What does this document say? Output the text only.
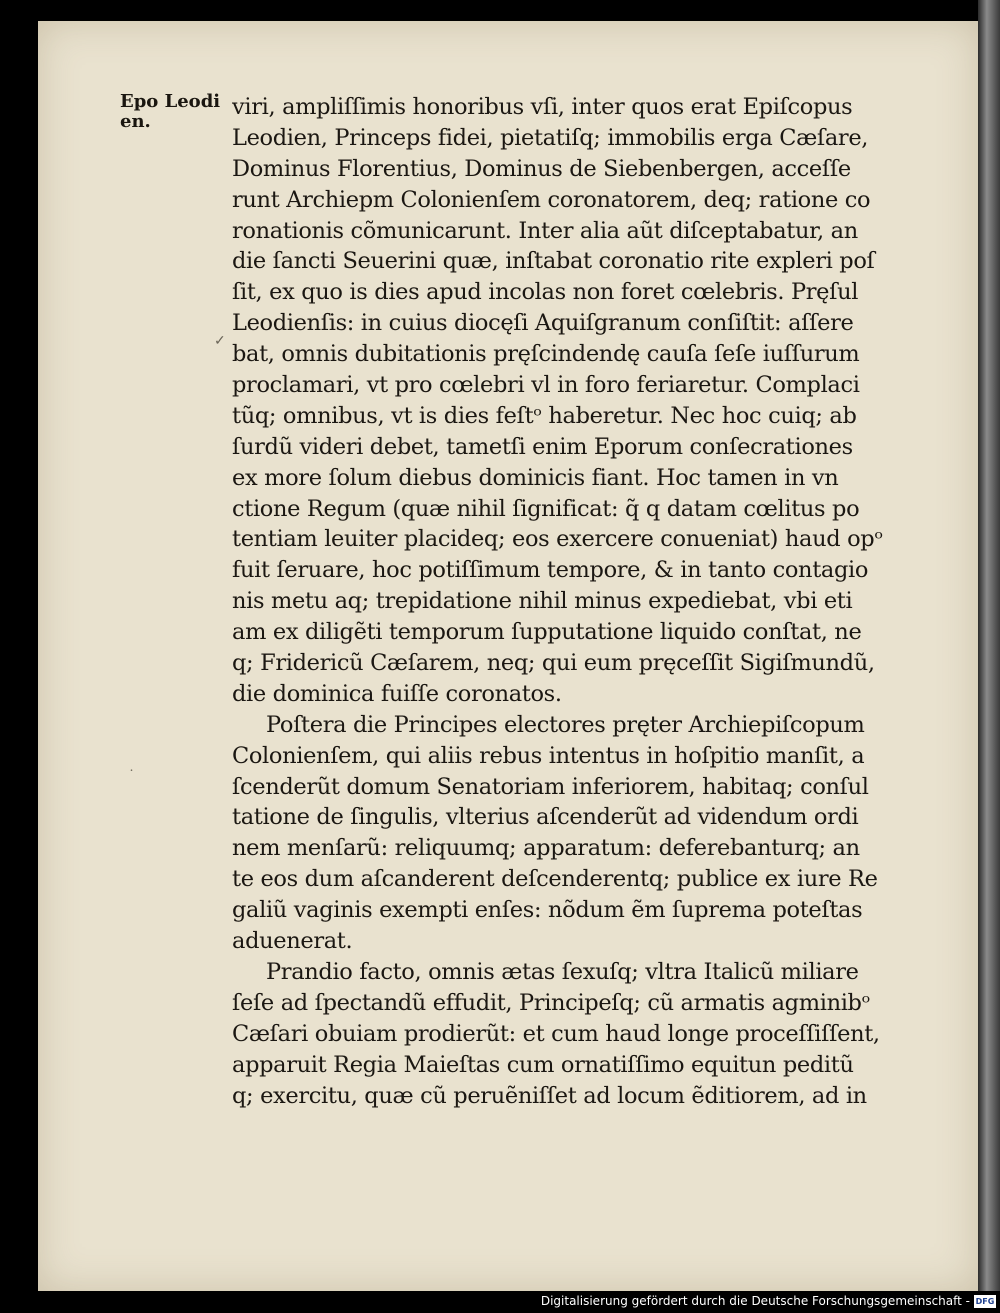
Epo Leodi
en.
✓
˙
viri, ampliſſimis honoribus vſi, inter quos erat Epiſcopus
Leodien, Princeps fidei, pietatiſq; immobilis erga Cæſare,
Dominus Florentius, Dominus de Siebenbergen, acceſſe
runt Archiepm Colonienſem coronatorem, deq; ratione co
ronationis cõmunicarunt. Inter alia aũt diſceptabatur, an
die ſancti Seuerini quæ, inſtabat coronatio rite expleri poſ
ſit, ex quo is dies apud incolas non foret cœlebris. Pręſul
Leodienſis: in cuius diocęſi Aquiſgranum conſiſtit: aſſere
bat, omnis dubitationis pręſcindendę cauſa ſeſe iuſſurum
proclamari, vt pro cœlebri vl in foro feriaretur. Complaci
tũq; omnibus, vt is dies feſtᵒ haberetur. Nec hoc cuiq; ab
ſurdũ videri debet, tametſi enim Eporum conſecrationes
ex more ſolum diebus dominicis fiant. Hoc tamen in vn
ctione Regum (quæ nihil ſignificat: q̃ q datam cœlitus po
tentiam leuiter placideq; eos exercere conueniat) haud opᵒ
fuit ſeruare, hoc potiſſimum tempore, & in tanto contagio
nis metu aq; trepidatione nihil minus expediebat, vbi eti
am ex diligẽti temporum ſupputatione liquido conſtat, ne
q; Fridericũ Cæſarem, neq; qui eum pręceſſit Sigiſmundũ,
die dominica fuiſſe coronatos.
Poſtera die Principes electores pręter Archiepiſcopum
Colonienſem, qui aliis rebus intentus in hoſpitio manſit, a
ſcenderũt domum Senatoriam inferiorem, habitaq; conſul
tatione de ſingulis, vlterius aſcenderũt ad videndum ordi
nem menſarũ: reliquumq; apparatum: deferebanturq; an
te eos dum aſcanderent deſcenderentq; publice ex iure Re
galiũ vaginis exempti enſes: nõdum ẽm ſuprema poteſtas
aduenerat.
Prandio facto, omnis ætas ſexuſq; vltra Italicũ miliare
ſeſe ad ſpectandũ effudit, Principeſq; cũ armatis agminibᵒ
Cæſari obuiam prodierũt: et cum haud longe proceſſiſſent,
apparuit Regia Maieſtas cum ornatiſſimo equitun peditũ
q; exercitu, quæ cũ peruẽniſſet ad locum ẽditiorem, ad in
Digitalisierung gefördert durch die Deutsche Forschungsgemeinschaft - DFG
